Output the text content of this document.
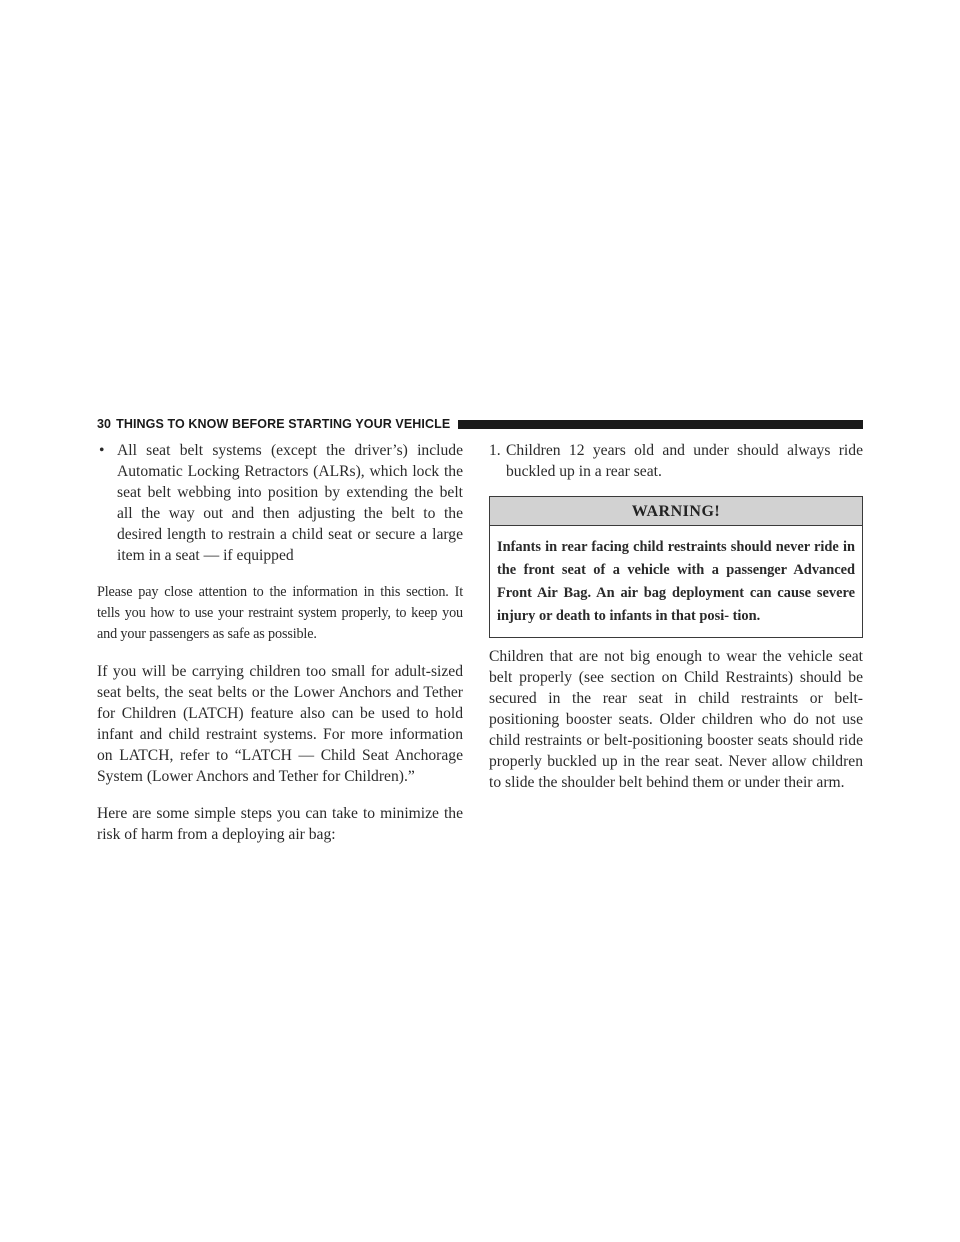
30 THINGS TO KNOW BEFORE STARTING YOUR VEHICLE
• All seat belt systems (except the driver’s) include Automatic Locking Retractors (ALRs), which lock the seat belt webbing into position by extending the belt all the way out and then adjusting the belt to the desired length to restrain a child seat or secure a large item in a seat — if equipped

Please pay close attention to the information in this section. It tells you how to use your restraint system properly, to keep you and your passengers as safe as possible.

If you will be carrying children too small for adult-sized seat belts, the seat belts or the Lower Anchors and Tether for Children (LATCH) feature also can be used to hold infant and child restraint systems. For more information on LATCH, refer to “LATCH — Child Seat Anchorage System (Lower Anchors and Tether for Children).”

Here are some simple steps you can take to minimize the risk of harm from a deploying air bag:

1. Children 12 years old and under should always ride buckled up in a rear seat.
WARNING!
Infants in rear facing child restraints should never ride in the front seat of a vehicle with a passenger Advanced Front Air Bag. An air bag deployment can cause severe injury or death to infants in that posi- tion.

Children that are not big enough to wear the vehicle seat belt properly (see section on Child Restraints) should be secured in the rear seat in child restraints or belt- positioning booster seats. Older children who do not use child restraints or belt-positioning booster seats should ride properly buckled up in the rear seat. Never allow children to slide the shoulder belt behind them or under their arm.
